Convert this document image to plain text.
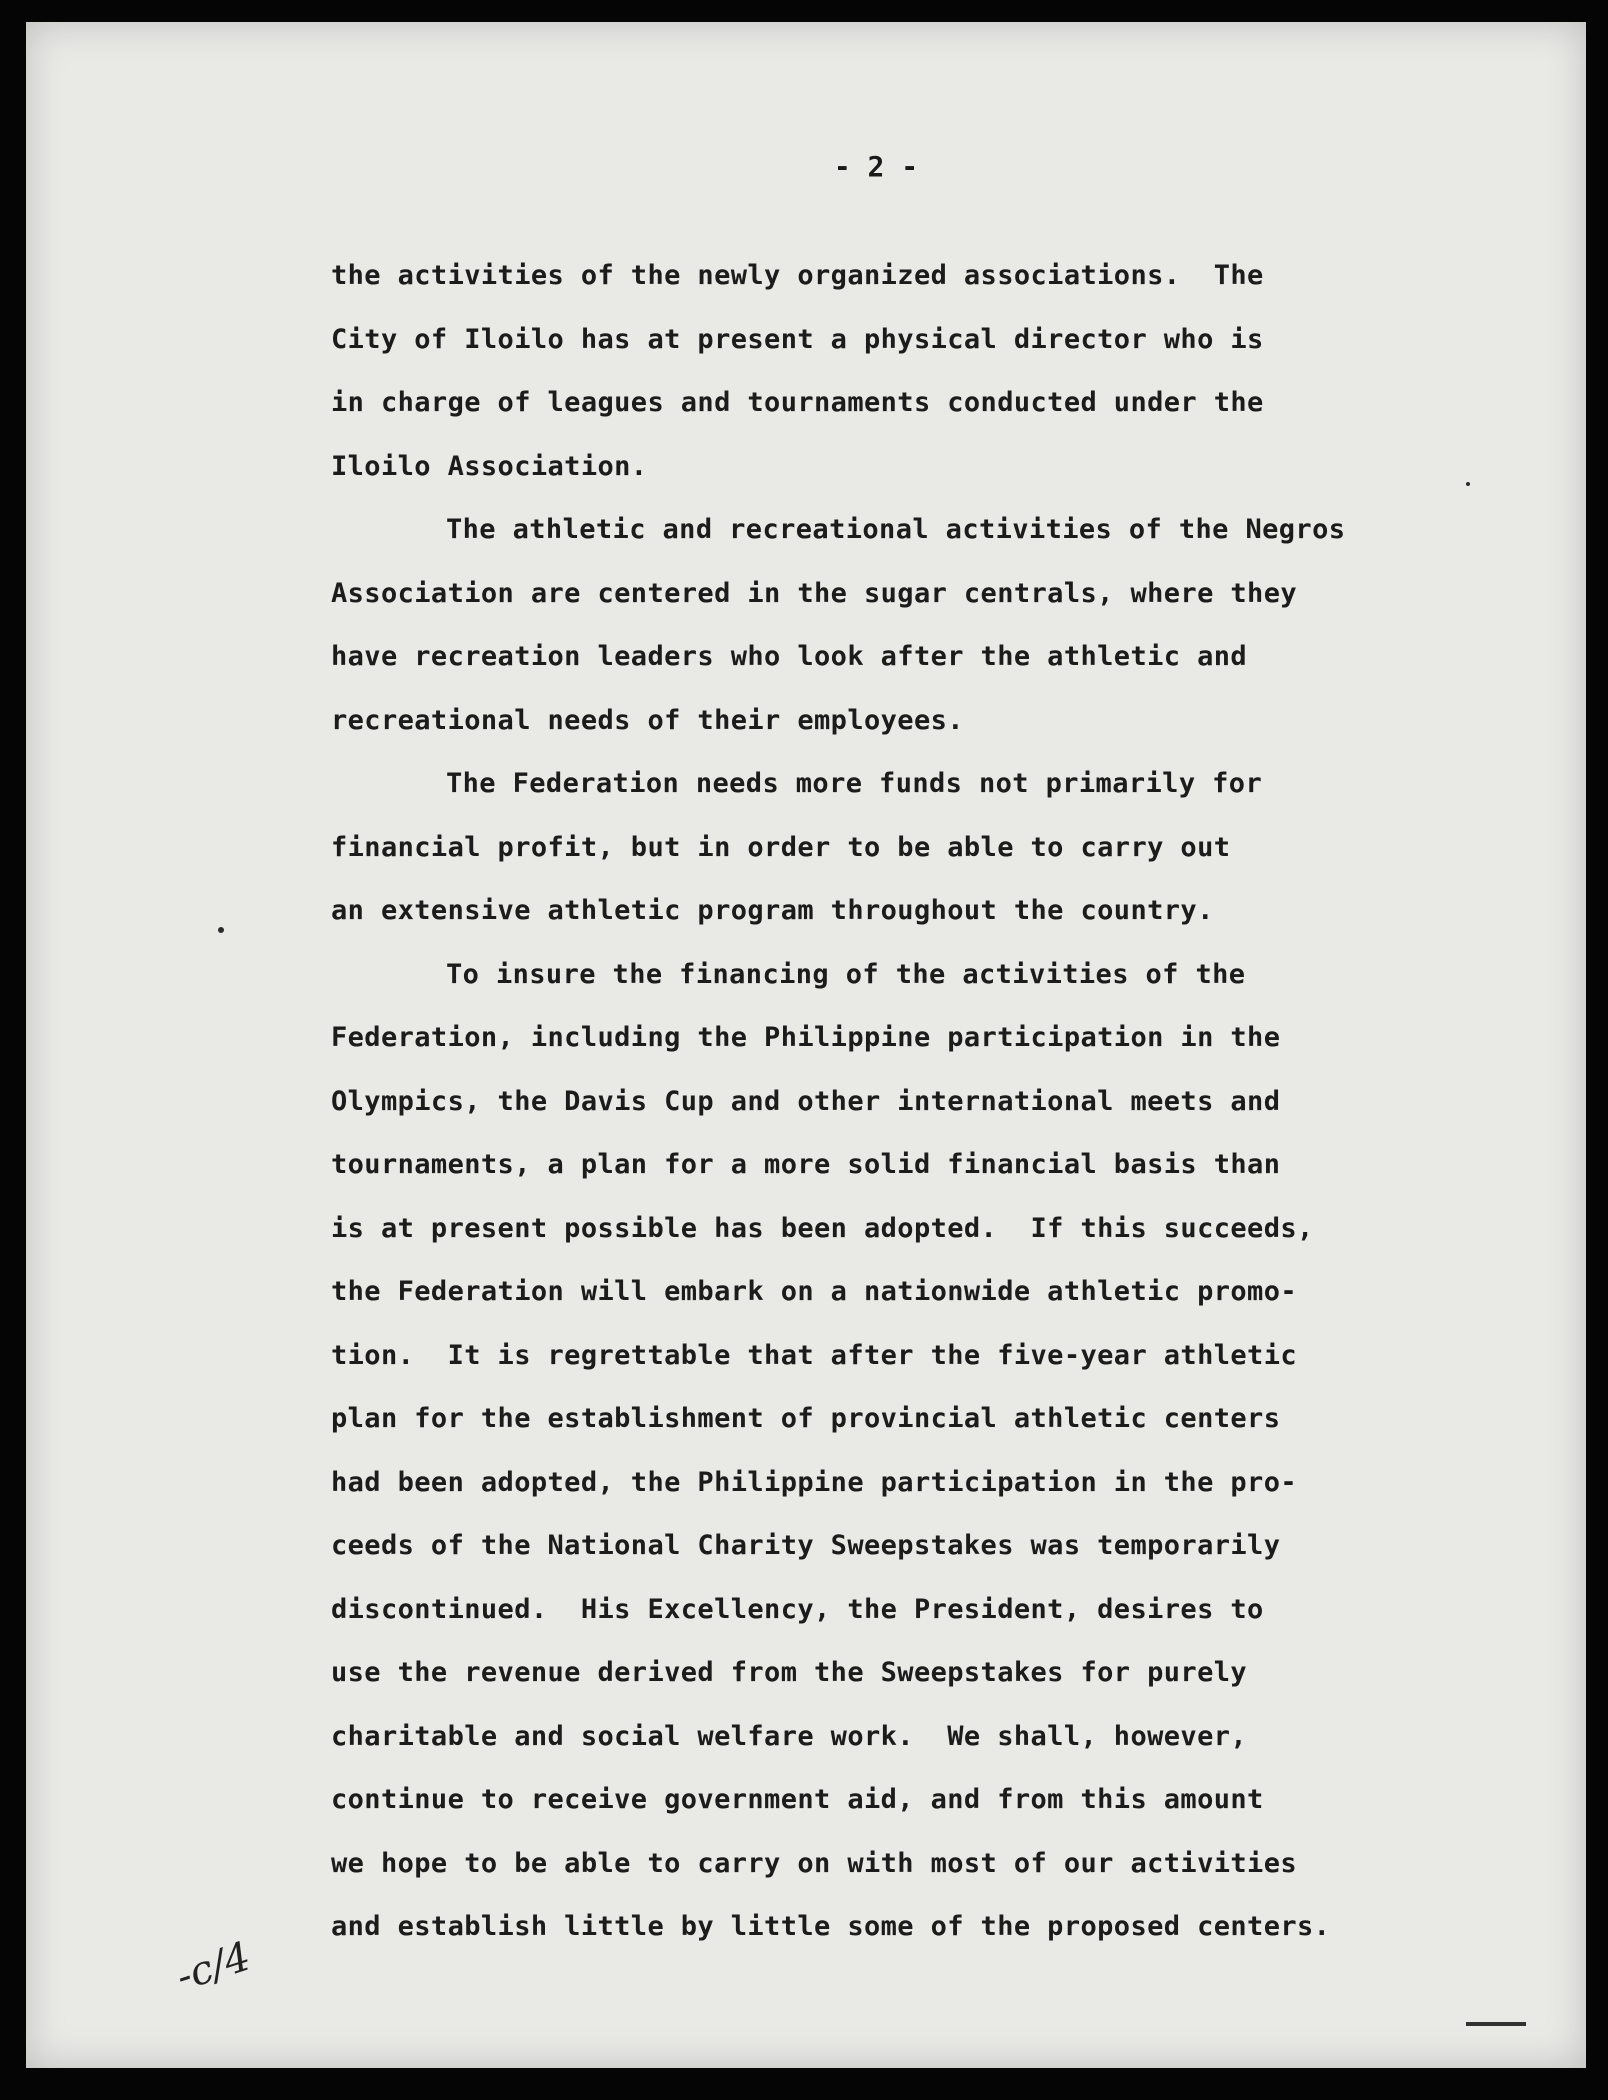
- 2 -
the activities of the newly organized associations.  The
City of Iloilo has at present a physical director who is
in charge of leagues and tournaments conducted under the
Iloilo Association.
The athletic and recreational activities of the Negros
Association are centered in the sugar centrals, where they
have recreation leaders who look after the athletic and
recreational needs of their employees.
The Federation needs more funds not primarily for
financial profit, but in order to be able to carry out
an extensive athletic program throughout the country.
To insure the financing of the activities of the
Federation, including the Philippine participation in the
Olympics, the Davis Cup and other international meets and
tournaments, a plan for a more solid financial basis than
is at present possible has been adopted.  If this succeeds,
the Federation will embark on a nationwide athletic promo-
tion.  It is regrettable that after the five-year athletic
plan for the establishment of provincial athletic centers
had been adopted, the Philippine participation in the pro-
ceeds of the National Charity Sweepstakes was temporarily
discontinued.  His Excellency, the President, desires to
use the revenue derived from the Sweepstakes for purely
charitable and social welfare work.  We shall, however,
continue to receive government aid, and from this amount
we hope to be able to carry on with most of our activities
and establish little by little some of the proposed centers.
-c/4
